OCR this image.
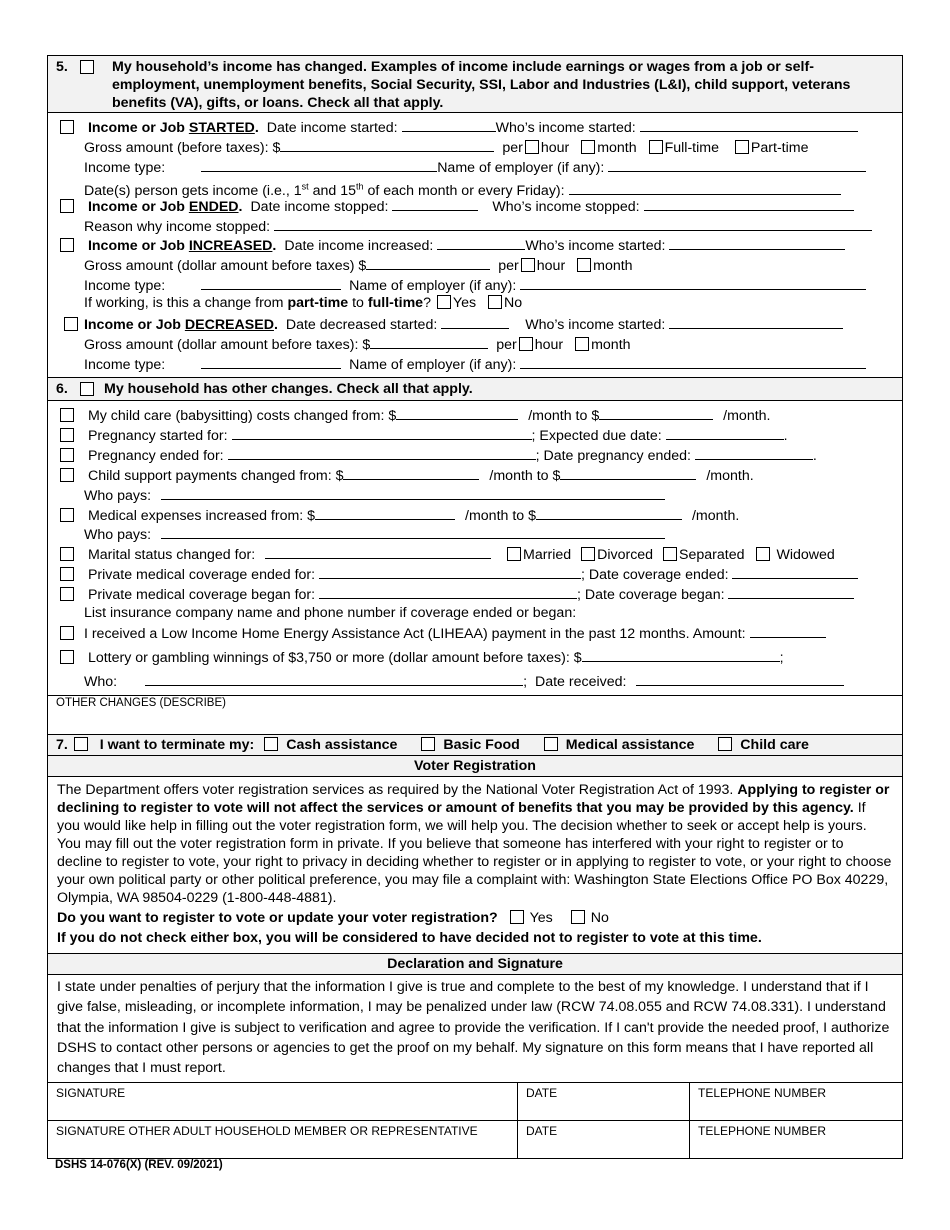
5.	My household’s income has changed. Examples of income include earnings or wages from a job or self-employment, unemployment benefits, Social Security, SSI, Labor and Industries (L&I), child support, veterans benefits (VA), gifts, or loans. Check all that apply.
Income or Job STARTED. Date income started:	Who’s income started:
Gross amount (before taxes): $	per hour month Full-time Part-time
Income type:	Name of employer (if any):
Date(s) person gets income (i.e., 1st and 15th of each month or every Friday):
Income or Job ENDED. Date income stopped:	Who’s income stopped:
Reason why income stopped:
Income or Job INCREASED. Date income increased:	Who’s income started:
Gross amount (dollar amount before taxes) $	per hour month
Income type:	Name of employer (if any):
If working, is this a change from part-time to full-time? Yes No
Income or Job DECREASED. Date decreased started:	Who’s income started:
Gross amount (dollar amount before taxes): $	per hour month
Income type:	Name of employer (if any):
6.	My household has other changes. Check all that apply.
My child care (babysitting) costs changed from: $	/month to $	/month.
Pregnancy started for:	; Expected due date:	.
Pregnancy ended for:	; Date pregnancy ended:	.
Child support payments changed from: $	/month to $	/month.
Who pays:
Medical expenses increased from: $	/month to $	/month.
Who pays:
Marital status changed for:	Married Divorced Separated Widowed
Private medical coverage ended for:	; Date coverage ended:
Private medical coverage began for:	; Date coverage began:
List insurance company name and phone number if coverage ended or began:
I received a Low Income Home Energy Assistance Act (LIHEAA) payment in the past 12 months. Amount:
Lottery or gambling winnings of $3,750 or more (dollar amount before taxes): $	;
Who:	; Date received:
OTHER CHANGES (DESCRIBE)
7. I want to terminate my: Cash assistance	Basic Food	Medical assistance	Child care
Voter Registration
The Department offers voter registration services as required by the National Voter Registration Act of 1993. Applying to register or declining to register to vote will not affect the services or amount of benefits that you may be provided by this agency. If you would like help in filling out the voter registration form, we will help you. The decision whether to seek or accept help is yours. You may fill out the voter registration form in private. If you believe that someone has interfered with your right to register or to decline to register to vote, your right to privacy in deciding whether to register or in applying to register to vote, or your right to choose your own political party or other political preference, you may file a complaint with: Washington State Elections Office PO Box 40229, Olympia, WA 98504-0229 (1-800-448-4881).
Do you want to register to vote or update your voter registration? Yes	No
If you do not check either box, you will be considered to have decided not to register to vote at this time.
Declaration and Signature
I state under penalties of perjury that the information I give is true and complete to the best of my knowledge. I understand that if I give false, misleading, or incomplete information, I may be penalized under law (RCW 74.08.055 and RCW 74.08.331). I understand that the information I give is subject to verification and agree to provide the verification. If I can't provide the needed proof, I authorize DSHS to contact other persons or agencies to get the proof on my behalf. My signature on this form means that I have reported all changes that I must report.
SIGNATURE	DATE	TELEPHONE NUMBER
SIGNATURE OTHER ADULT HOUSEHOLD MEMBER OR REPRESENTATIVE	DATE	TELEPHONE NUMBER
DSHS 14-076(X) (REV. 09/2021)
